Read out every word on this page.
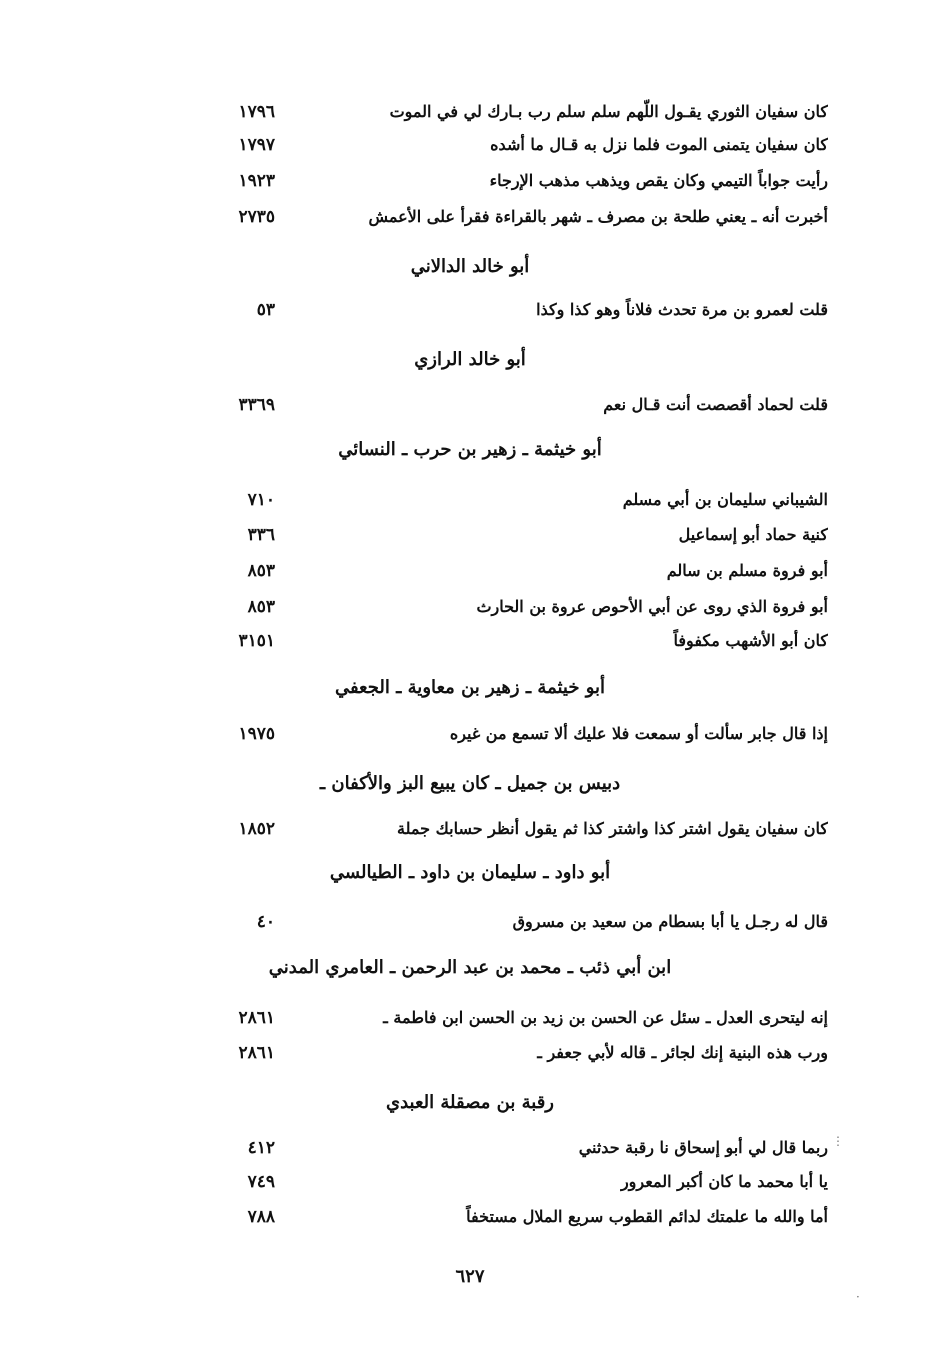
كان سفيان الثوري يقـول اللّهم سلم سلم رب بـارك لي في الموت
١٧٩٦
كان سفيان يتمنى الموت فلما نزل به قـال ما أشده
١٧٩٧
رأيت جواباً التيمي وكان يقص ويذهب مذهب الإرجاء
١٩٢٣
أخبرت أنه ـ يعني طلحة بن مصرف ـ شهر بالقراءة فقرأ على الأعمش
٢٧٣٥
أبو خالد الدالاني
قلت لعمرو بن مرة تحدث فلاناً وهو كذا وكذا
٥٣
أبو خالد الرازي
قلت لحماد أقصصت أنت قـال نعم
٣٣٦٩
أبو خيثمة ـ زهير بن حرب ـ النسائي
الشيباني سليمان بن أبي مسلم
٧١٠
كنية حماد أبو إسماعيل
٣٣٦
أبو فروة مسلم بن سالم
٨٥٣
أبو فروة الذي روى عن أبي الأحوص عروة بن الحارث
٨٥٣
كان أبو الأشهب مكفوفاً
٣١٥١
أبو خيثمة ـ زهير بن معاوية ـ الجعفي
إذا قال جابر سألت أو سمعت فلا عليك ألا تسمع من غيره
١٩٧٥
دبيس بن جميل ـ كان يبيع البز والأكفان ـ
كان سفيان يقول اشتر كذا واشتر كذا ثم يقول أنظر حسابك جملة
١٨٥٢
أبو داود ـ سليمان بن داود ـ الطيالسي
قال له رجـل يا أبا بسطام من سعيد بن مسروق
٤٠
ابن أبي ذئب ـ محمد بن عبد الرحمن ـ العامري المدني
إنه ليتحرى العدل ـ سئل عن الحسن بن زيد بن الحسن ابن فاطمة ـ
٢٨٦١
ورب هذه البنية إنك لجائر ـ قاله لأبي جعفر ـ
٢٨٦١
رقبة بن مصقلة العبدي
ربما قال لي أبو إسحاق نا رقبة حدثني
٤١٢
يا أبا محمد ما كان أكبر المعرور
٧٤٩
أما والله ما علمتك لدائم القطوب سريع الملال مستخفاً
٧٨٨
٦٢٧
⋮
·
